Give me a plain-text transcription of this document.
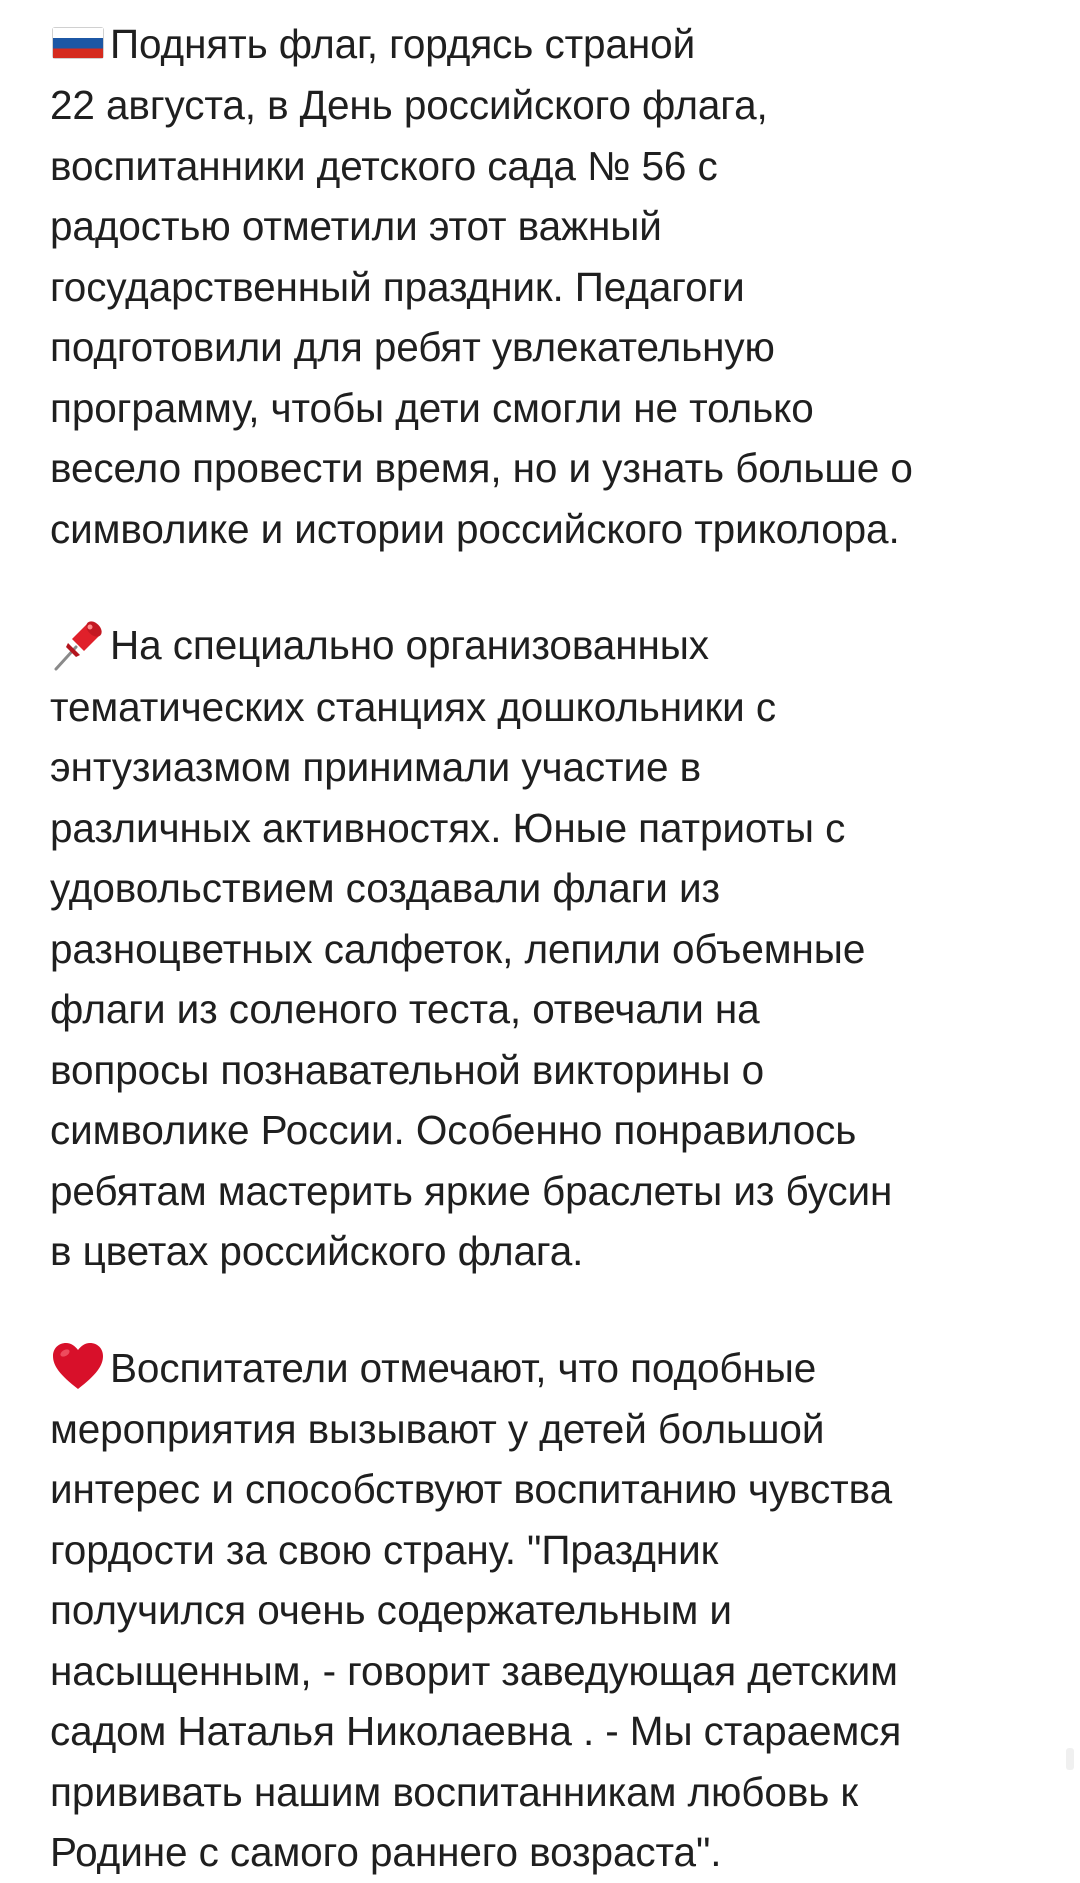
Поднять флаг, гордясь страной
22 августа, в День российского флага,
воспитанники детского сада № 56 с
радостью отметили этот важный
государственный праздник. Педагоги
подготовили для ребят увлекательную
программу, чтобы дети смогли не только
весело провести время, но и узнать больше о
символике и истории российского триколора.

На специально организованных
тематических станциях дошкольники с
энтузиазмом принимали участие в
различных активностях. Юные патриоты с
удовольствием создавали флаги из
разноцветных салфеток, лепили объемные
флаги из соленого теста, отвечали на
вопросы познавательной викторины о
символике России. Особенно понравилось
ребятам мастерить яркие браслеты из бусин
в цветах российского флага.

Воспитатели отмечают, что подобные
мероприятия вызывают у детей большой
интерес и способствуют воспитанию чувства
гордости за свою страну. "Праздник
получился очень содержательным и
насыщенным, - говорит заведующая детским
садом Наталья Николаевна . - Мы стараемся
прививать нашим воспитанникам любовь к
Родине с самого раннего возраста".
